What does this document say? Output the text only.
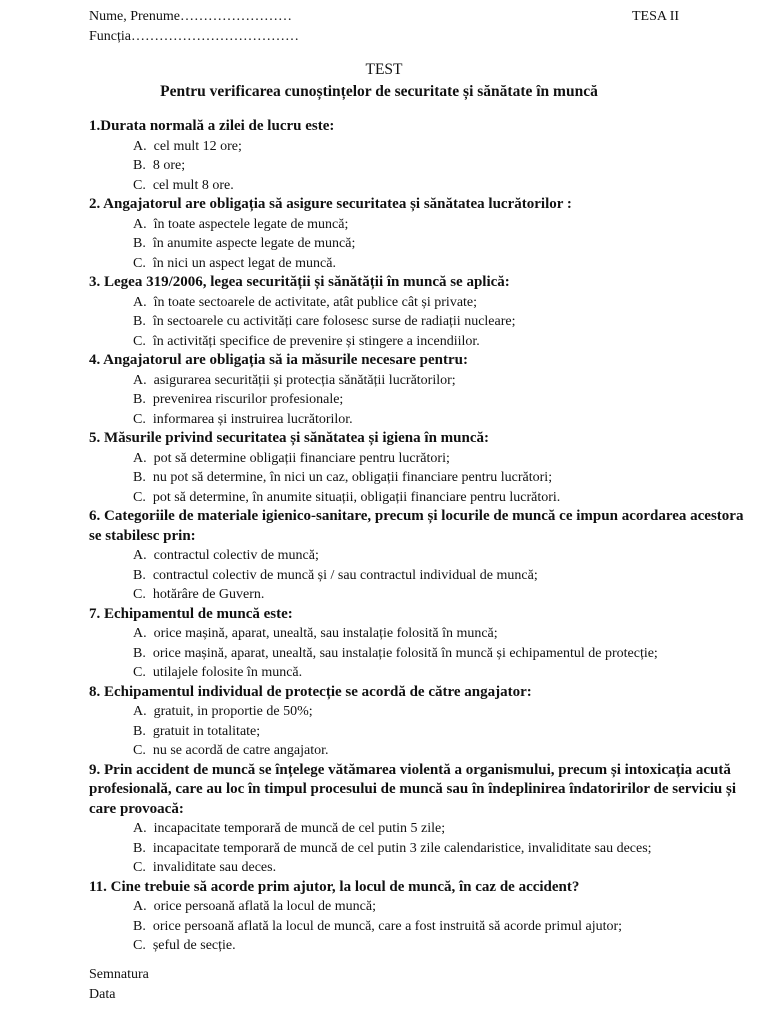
Nume, Prenume……………………
Funcția………………………………
TESA II
TEST
Pentru verificarea cunoștințelor de securitate și sănătate în muncă
1.Durata normală a zilei de lucru este:
A. cel mult 12 ore;
B. 8 ore;
C. cel mult 8 ore.
2. Angajatorul are obligația să asigure securitatea și sănătatea lucrătorilor :
A. în toate aspectele legate de muncă;
B. în anumite aspecte legate de muncă;
C. în nici un aspect legat de muncă.
3. Legea 319/2006, legea securității și sănătății în muncă se aplică:
A. în toate sectoarele de activitate, atât publice cât și private;
B. în sectoarele cu activități care folosesc surse de radiații nucleare;
C. în activități specifice de prevenire și stingere a incendiilor.
4. Angajatorul are obligația să ia măsurile necesare pentru:
A. asigurarea securității și protecția sănătății lucrătorilor;
B. prevenirea riscurilor profesionale;
C. informarea și instruirea lucrătorilor.
5. Măsurile privind securitatea și sănătatea și igiena în muncă:
A. pot să determine obligații financiare pentru lucrători;
B. nu pot să determine, în nici un caz, obligații financiare pentru lucrători;
C. pot să determine, în anumite situații, obligații financiare pentru lucrători.
6. Categoriile de materiale igienico-sanitare, precum și locurile de muncă ce impun acordarea acestora se stabilesc prin:
A. contractul colectiv de muncă;
B. contractul colectiv de muncă și / sau contractul individual de muncă;
C. hotărâre de Guvern.
7. Echipamentul de muncă este:
A. orice mașină, aparat, unealtă, sau instalație folosită în muncă;
B. orice mașină, aparat, unealtă, sau instalație folosită în muncă și echipamentul de protecție;
C. utilajele folosite în muncă.
8. Echipamentul individual de protecție se acordă de către angajator:
A. gratuit, in proportie de 50%;
B. gratuit in totalitate;
C. nu se acordă de catre angajator.
9. Prin accident de muncă se înțelege vătămarea violentă a organismului, precum și intoxicația acută profesională, care au loc în timpul procesului de muncă sau în îndeplinirea îndatoririlor de serviciu și care provoacă:
A. incapacitate temporară de muncă de cel putin 5 zile;
B. incapacitate temporară de muncă de cel putin 3 zile calendaristice, invaliditate sau deces;
C. invaliditate sau deces.
11. Cine trebuie să acorde prim ajutor, la locul de muncă, în caz de accident?
A. orice persoană aflată la locul de muncă;
B. orice persoană aflată la locul de muncă, care a fost instruită să acorde primul ajutor;
C. șeful de secție.
Semnatura
Data
